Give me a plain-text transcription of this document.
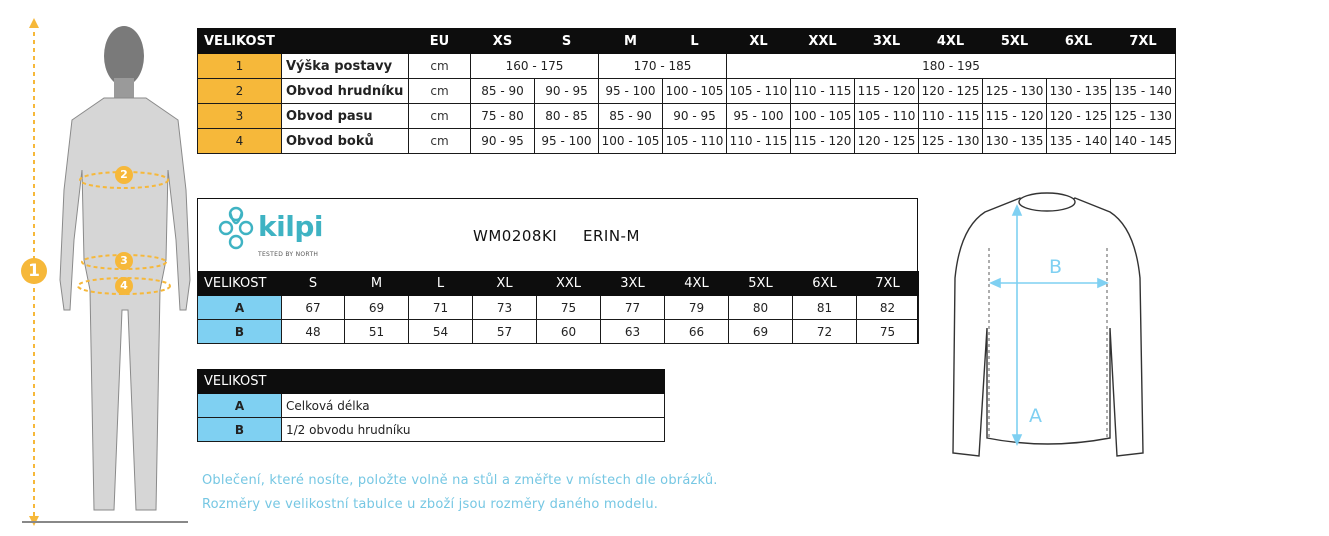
1
2
3
4
VELIKOST		EU	XS	S	M	L	XL	XXL	3XL	4XL	5XL	6XL	7XL
1	Výška postavy	cm	160 - 175		170 - 185		180 - 195						
2	Obvod hrudníku	cm	85 - 90	90 - 95	95 - 100	100 - 105	105 - 110	110 - 115	115 - 120	120 - 125	125 - 130	130 - 135	135 - 140
3	Obvod pasu	cm	75 - 80	80 - 85	85 - 90	90 - 95	95 - 100	100 - 105	105 - 110	110 - 115	115 - 120	120 - 125	125 - 130
4	Obvod boků	cm	90 - 95	95 - 100	100 - 105	105 - 110	110 - 115	115 - 120	120 - 125	125 - 130	130 - 135	135 - 140	140 - 145
kilpi
TESTED BY NORTH
WM0208KI ERIN-M
VELIKOST	S	M	L	XL	XXL	3XL	4XL	5XL	6XL	7XL
A	67	69	71	73	75	77	79	80	81	82
B	48	51	54	57	60	63	66	69	72	75
VELIKOST	
A	Celková délka
B	1/2 obvodu hrudníku
Oblečení, které nosíte, položte volně na stůl a změřte v místech dle obrázků.
Rozměry ve velikostní tabulce u zboží jsou rozměry daného modelu.
B
A
